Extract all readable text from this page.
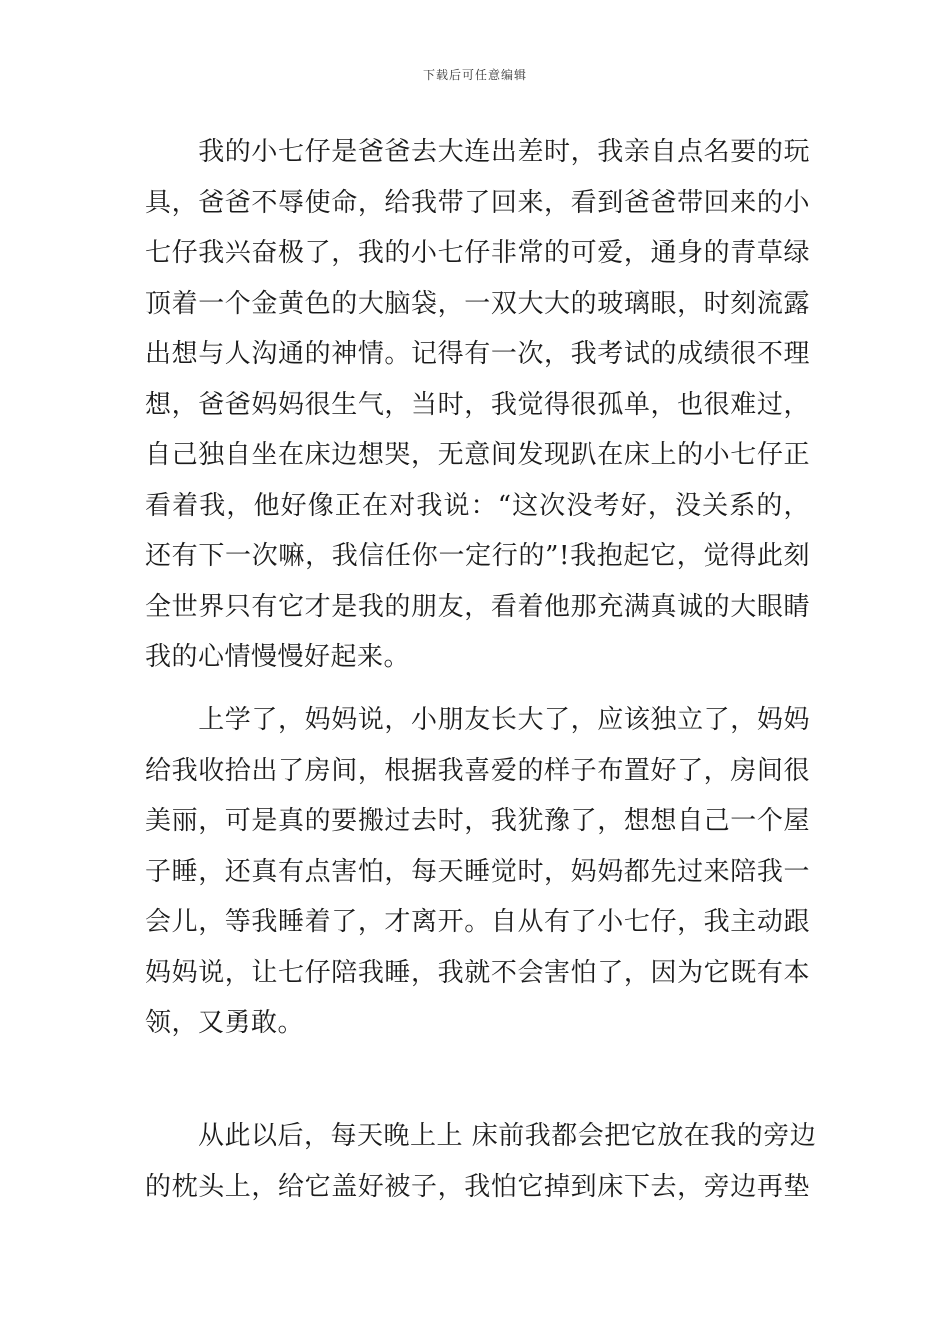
下载后可任意编辑
　　我的小七仔是爸爸去大连出差时，我亲自点名要的玩
具，爸爸不辱使命，给我带了回来，看到爸爸带回来的小
七仔我兴奋极了，我的小七仔非常的可爱，通身的青草绿
顶着一个金黄色的大脑袋，一双大大的玻璃眼，时刻流露
出想与人沟通的神情。记得有一次，我考试的成绩很不理
想，爸爸妈妈很生气，当时，我觉得很孤单，也很难过，
自己独自坐在床边想哭，无意间发现趴在床上的小七仔正
看着我，他好像正在对我说：“这次没考好，没关系的，
还有下一次嘛，我信任你一定行的”!我抱起它，觉得此刻
全世界只有它才是我的朋友，看着他那充满真诚的大眼睛
我的心情慢慢好起来。
　　上学了，妈妈说，小朋友长大了，应该独立了，妈妈
给我收拾出了房间，根据我喜爱的样子布置好了，房间很
美丽，可是真的要搬过去时，我犹豫了，想想自己一个屋
子睡，还真有点害怕，每天睡觉时，妈妈都先过来陪我一
会儿，等我睡着了，才离开。自从有了小七仔，我主动跟
妈妈说，让七仔陪我睡，我就不会害怕了，因为它既有本
领，又勇敢。
　　从此以后，每天晚上上 床前我都会把它放在我的旁边
的枕头上，给它盖好被子，我怕它掉到床下去，旁边再垫
